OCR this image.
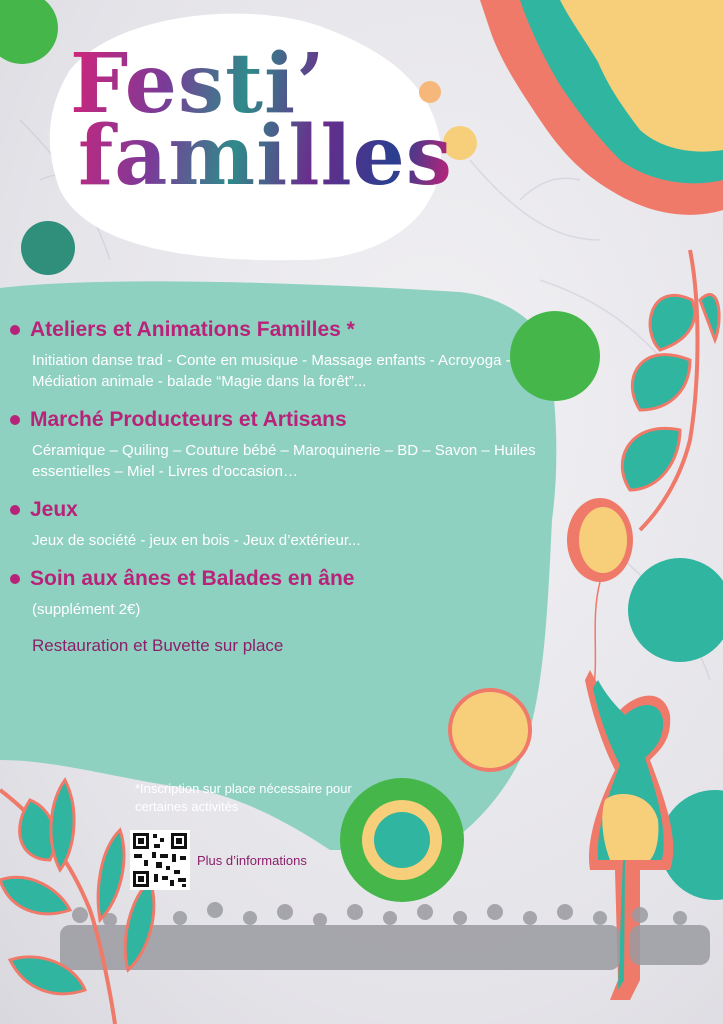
Festi’
familles
Ateliers et Animations Familles *
Initiation danse trad - Conte en musique - Massage enfants - Acroyoga - Médiation animale - balade “Magie dans la forêt”...
Marché Producteurs et Artisans
Céramique – Quiling – Couture bébé – Maroquinerie – BD – Savon – Huiles essentielles – Miel - Livres d’occasion…
Jeux
Jeux de société - jeux en bois - Jeux d’extérieur...
Soin aux ânes et Balades en âne
(supplément 2€)
Restauration et Buvette sur place
*Inscription sur place nécessaire pour certaines activités
Plus d’informations
